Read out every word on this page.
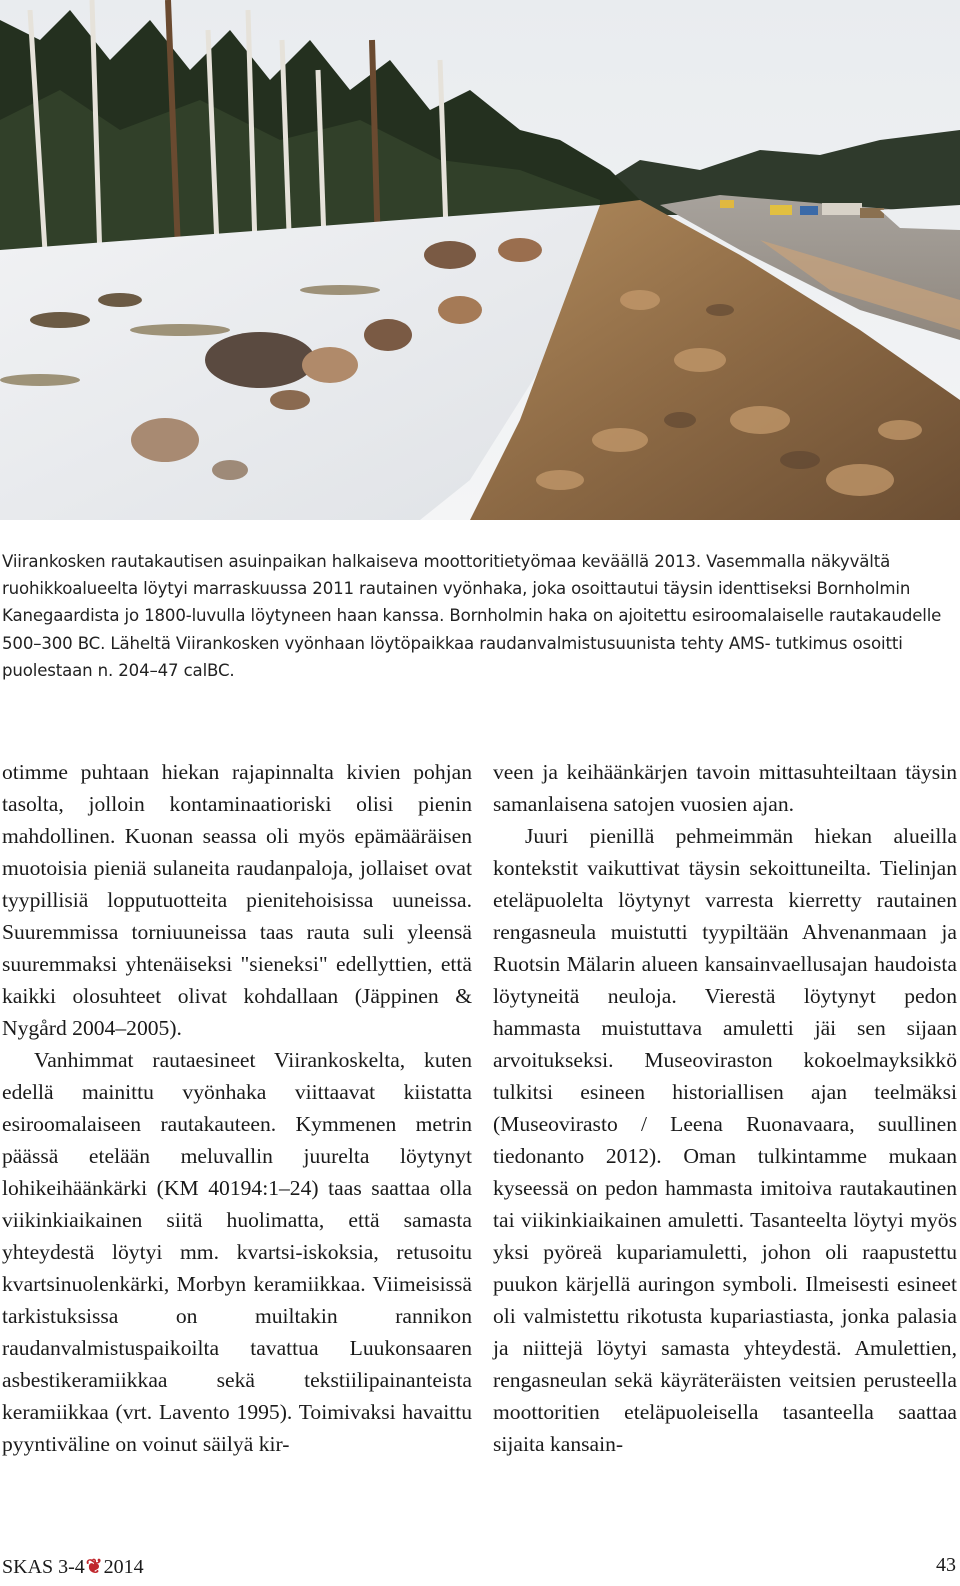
Viirankosken rautakautisen asuinpaikan halkaiseva moottoritietyömaa keväällä 2013. Vasemmalla näkyvältä ruohikkoalueelta löytyi marraskuussa 2011 rautainen vyönhaka, joka osoittautui täysin identtiseksi Bornholmin Kanegaardista jo 1800-luvulla löytyneen haan kanssa. Bornholmin haka on ajoitettu esiroomalaiselle rautakaudelle 500–300 BC. Läheltä Viirankosken vyönhaan löytöpaikkaa raudanvalmistusuunista tehty AMS- tutkimus osoitti puolestaan n. 204–47 calBC.

otimme puhtaan hiekan rajapinnalta kivien pohjan tasolta, jolloin kontaminaatioriski olisi pienin mahdollinen. Kuonan seassa oli myös epämääräisen muotoisia pieniä sulaneita raudanpaloja, jollaiset ovat tyypillisiä lopputuotteita pienitehoisissa uuneissa. Suuremmissa torniuuneissa taas rauta suli yleensä suuremmaksi yhtenäiseksi "sieneksi" edellyttien, että kaikki olosuhteet olivat kohdallaan (Jäppinen & Nygård 2004–2005).

Vanhimmat rautaesineet Viirankoskelta, kuten edellä mainittu vyönhaka viittaavat kiistatta esiroomalaiseen rautakauteen. Kymmenen metrin päässä etelään meluvallin juurelta löytynyt lohikeihäänkärki (KM 40194:1–24) taas saattaa olla viikinkiaikainen siitä huolimatta, että samasta yhteydestä löytyi mm. kvartsi-iskoksia, retusoitu kvartsinuolenkärki, Morbyn keramiikkaa. Viimeisissä tarkistuksissa on muiltakin rannikon raudanvalmistuspaikoilta tavattua Luukonsaaren asbestikeramiikkaa sekä tekstiilipainanteista keramiikkaa (vrt. Lavento 1995). Toimivaksi havaittu pyyntiväline on voinut säilyä kir-

veen ja keihäänkärjen tavoin mittasuhteiltaan täysin samanlaisena satojen vuosien ajan.

Juuri pienillä pehmeimmän hiekan alueilla kontekstit vaikuttivat täysin sekoittuneilta. Tielinjan eteläpuolelta löytynyt varresta kierretty rautainen rengasneula muistutti tyypiltään Ahvenanmaan ja Ruotsin Mälarin alueen kansainvaellusajan haudoista löytyneitä neuloja. Vierestä löytynyt pedon hammasta muistuttava amuletti jäi sen sijaan arvoitukseksi. Museoviraston kokoelmayksikkö tulkitsi esineen historiallisen ajan teelmäksi (Museovirasto / Leena Ruonavaara, suullinen tiedonanto 2012). Oman tulkintamme mukaan kyseessä on pedon hammasta imitoiva rautakautinen tai viikinkiaikainen amuletti. Tasanteelta löytyi myös yksi pyöreä kupariamuletti, johon oli raapustettu puukon kärjellä auringon symboli. Ilmeisesti esineet oli valmistettu rikotusta kupariastiasta, jonka palasia ja niittejä löytyi samasta yhteydestä. Amulettien, rengasneulan sekä käyräteräisten veitsien perusteella moottoritien eteläpuoleisella tasanteella saattaa sijaita kansain-

SKAS 3-4❦2014	43
